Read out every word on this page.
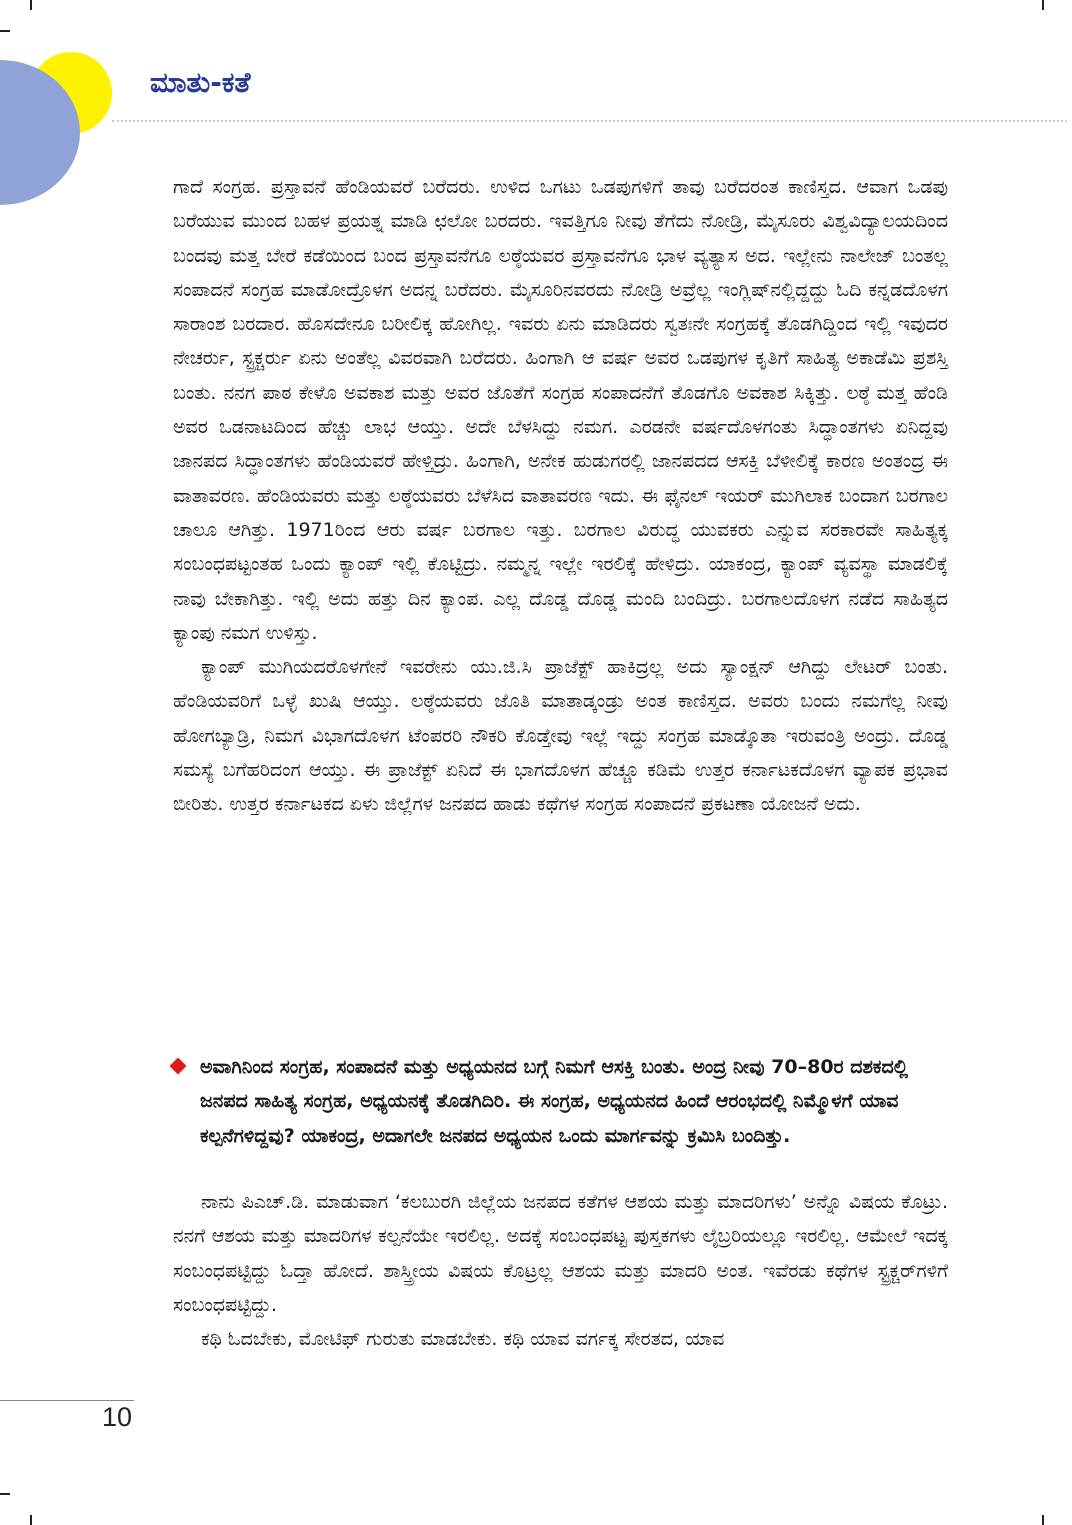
ಮಾತು-ಕತೆ

ಗಾದೆ ಸಂಗ್ರಹ. ಪ್ರಸ್ತಾವನೆ ಹೆಂಡಿಯವರೆ ಬರೆದರು. ಉಳಿದ ಒಗಟು ಒಡಪುಗಳಿಗೆ ತಾವು ಬರೆದರಂತ ಕಾಣಿಸ್ತದ. ಆವಾಗ ಒಡಪು ಬರೆಯುವ ಮುಂದ ಬಹಳ ಪ್ರಯತ್ನ ಮಾಡಿ ಛಲೋ ಬರದರು. ಇವತ್ತಿಗೂ ನೀವು ತೆಗೆದು ನೋಡ್ರಿ, ಮೈಸೂರು ವಿಶ್ವವಿದ್ಯಾಲಯದಿಂದ ಬಂದವು ಮತ್ತ ಬೇರೆ ಕಡೆಯಿಂದ ಬಂದ ಪ್ರಸ್ತಾವನೆಗೂ ಲಠ್ಠೆಯವರ ಪ್ರಸ್ತಾವನೆಗೂ ಭಾಳ ವ್ಯತ್ಯಾಸ ಅದ. ಇಲ್ಲೇನು ನಾಲೇಜ್ ಬಂತಲ್ಲ ಸಂಪಾದನೆ ಸಂಗ್ರಹ ಮಾಡೋದ್ರೊಳಗ ಅದನ್ನ ಬರೆದರು. ಮೈಸೂರಿನವರದು ನೋಡ್ರಿ ಅವ್ರೆಲ್ಲ ಇಂಗ್ಲಿಷ್‌ನಲ್ಲಿದ್ದದ್ದು ಓದಿ ಕನ್ನಡದೊಳಗ ಸಾರಾಂಶ ಬರದಾರ. ಹೊಸದೇನೂ ಬರೀಲಿಕ್ಕ ಹೋಗಿಲ್ಲ. ಇವರು ಏನು ಮಾಡಿದರು ಸ್ವತಃನೇ ಸಂಗ್ರಹಕ್ಕೆ ತೊಡಗಿದ್ದಿಂದ ಇಲ್ಲಿ ಇವುದರ ನೇಚರ್ರು, ಸ್ಟ್ರಕ್ಚರ್ರು ಏನು ಅಂತೆಲ್ಲ ವಿವರವಾಗಿ ಬರೆದರು. ಹಿಂಗಾಗಿ ಆ ವರ್ಷ ಅವರ ಒಡಪುಗಳ ಕೃತಿಗೆ ಸಾಹಿತ್ಯ ಅಕಾಡೆಮಿ ಪ್ರಶಸ್ತಿ ಬಂತು. ನನಗ ಪಾಠ ಕೇಳೊ ಅವಕಾಶ ಮತ್ತು ಅವರ ಜೊತೆಗೆ ಸಂಗ್ರಹ ಸಂಪಾದನೆಗೆ ತೊಡಗೊ ಅವಕಾಶ ಸಿಕ್ಕಿತ್ತು. ಲಠ್ಠೆ ಮತ್ತ ಹೆಂಡಿ ಅವರ ಒಡನಾಟದಿಂದ ಹೆಚ್ಚು ಲಾಭ ಆಯ್ತು. ಅದೇ ಬೆಳಸಿದ್ದು ನಮಗ. ಎರಡನೇ ವರ್ಷದೊಳಗಂತು ಸಿದ್ಧಾಂತಗಳು ಏನಿದ್ದವು ಜಾನಪದ ಸಿದ್ಧಾಂತಗಳು ಹೆಂಡಿಯವರೆ ಹೇಳ್ತಿದ್ರು. ಹಿಂಗಾಗಿ, ಅನೇಕ ಹುಡುಗರಲ್ಲಿ ಜಾನಪದದ ಆಸಕ್ತಿ ಬೆಳೀಲಿಕ್ಕೆ ಕಾರಣ ಅಂತಂದ್ರ ಈ ವಾತಾವರಣ. ಹೆಂಡಿಯವರು ಮತ್ತು ಲಠ್ಠೆಯವರು ಬೆಳೆಸಿದ ವಾತಾವರಣ ಇದು. ಈ ಫೈನಲ್ ಇಯರ್ ಮುಗಿಲಾಕ ಬಂದಾಗ ಬರಗಾಲ ಚಾಲೂ ಆಗಿತ್ತು. 1971ರಿಂದ ಆರು ವರ್ಷ ಬರಗಾಲ ಇತ್ತು. ಬರಗಾಲ ವಿರುದ್ಧ ಯುವಕರು ಎನ್ನುವ ಸರಕಾರವೇ ಸಾಹಿತ್ಯಕ್ಕ ಸಂಬಂಧಪಟ್ಟಂತಹ ಒಂದು ಕ್ಯಾಂಪ್ ಇಲ್ಲಿ ಕೊಟ್ಟಿದ್ರು. ನಮ್ಮನ್ನ ಇಲ್ಲೇ ಇರಲಿಕ್ಕೆ ಹೇಳಿದ್ರು. ಯಾಕಂದ್ರ, ಕ್ಯಾಂಪ್ ವ್ಯವಸ್ಥಾ ಮಾಡಲಿಕ್ಕೆ ನಾವು ಬೇಕಾಗಿತ್ತು. ಇಲ್ಲಿ ಅದು ಹತ್ತು ದಿನ ಕ್ಯಾಂಪ. ಎಲ್ಲ ದೊಡ್ಡ ದೊಡ್ಡ ಮಂದಿ ಬಂದಿದ್ರು. ಬರಗಾಲದೊಳಗ ನಡೆದ ಸಾಹಿತ್ಯದ ಕ್ಯಾಂಪು ನಮಗ ಉಳಿಸ್ತು.

ಕ್ಯಾಂಪ್ ಮುಗಿಯದರೊಳಗೇನೆ ಇವರೇನು ಯು.ಜಿ.ಸಿ ಪ್ರಾಜೆಕ್ಟ್ ಹಾಕಿದ್ರಲ್ಲ ಅದು ಸ್ಯಾಂಕ್ಷನ್ ಆಗಿದ್ದು ಲೇಟರ್ ಬಂತು. ಹೆಂಡಿಯವರಿಗೆ ಒಳ್ಳೆ ಖುಷಿ ಆಯ್ತು. ಲಠ್ಠೆಯವರು ಜೊತಿ ಮಾತಾಡ್ಕಂಡ್ರು ಅಂತ ಕಾಣಿಸ್ತದ. ಅವರು ಬಂದು ನಮಗೆಲ್ಲ ನೀವು ಹೋಗಬ್ಯಾಡ್ರಿ, ನಿಮಗ ವಿಭಾಗದೊಳಗ ಟೆಂಪರರಿ ನೌಕರಿ ಕೊಡ್ತೇವು ಇಲ್ಲೆ ಇದ್ದು ಸಂಗ್ರಹ ಮಾಡ್ಕೊತಾ ಇರುವಂತ್ರಿ ಅಂದ್ರು. ದೊಡ್ಡ ಸಮಸ್ಯೆ ಬಗೆಹರಿದಂಗ ಆಯ್ತು. ಈ ಪ್ರಾಜೆಕ್ಟ್ ಏನಿದೆ ಈ ಭಾಗದೊಳಗ ಹೆಚ್ಚೂ ಕಡಿಮೆ ಉತ್ತರ ಕರ್ನಾಟಕದೊಳಗ ವ್ಯಾಪಕ ಪ್ರಭಾವ ಬೀರಿತು. ಉತ್ತರ ಕರ್ನಾಟಕದ ಏಳು ಜಿಲ್ಲೆಗಳ ಜನಪದ ಹಾಡು ಕಥೆಗಳ ಸಂಗ್ರಹ ಸಂಪಾದನೆ ಪ್ರಕಟಣಾ ಯೋಜನೆ ಅದು.

ಅವಾಗಿನಿಂದ ಸಂಗ್ರಹ, ಸಂಪಾದನೆ ಮತ್ತು ಅಧ್ಯಯನದ ಬಗ್ಗೆ ನಿಮಗೆ ಆಸಕ್ತಿ ಬಂತು. ಅಂದ್ರ ನೀವು 70–80ರ ದಶಕದಲ್ಲಿ ಜನಪದ ಸಾಹಿತ್ಯ ಸಂಗ್ರಹ, ಅಧ್ಯಯನಕ್ಕೆ ತೊಡಗಿದಿರಿ. ಈ ಸಂಗ್ರಹ, ಅಧ್ಯಯನದ ಹಿಂದೆ ಆರಂಭದಲ್ಲಿ ನಿಮ್ಮೊಳಗೆ ಯಾವ ಕಲ್ಪನೆಗಳಿದ್ದವು? ಯಾಕಂದ್ರ, ಅದಾಗಲೇ ಜನಪದ ಅಧ್ಯಯನ ಒಂದು ಮಾರ್ಗವನ್ನು ಕ್ರಮಿಸಿ ಬಂದಿತ್ತು.

ನಾನು ಪಿಎಚ್.ಡಿ. ಮಾಡುವಾಗ ‘ಕಲಬುರಗಿ ಜಿಲ್ಲೆಯ ಜನಪದ ಕತೆಗಳ ಆಶಯ ಮತ್ತು ಮಾದರಿಗಳು’ ಅನ್ನೊ ವಿಷಯ ಕೊಟ್ರು. ನನಗೆ ಆಶಯ ಮತ್ತು ಮಾದರಿಗಳ ಕಲ್ಪನೆಯೇ ಇರಲಿಲ್ಲ. ಅದಕ್ಕೆ ಸಂಬಂಧಪಟ್ಟ ಪುಸ್ತಕಗಳು ಲೈಬ್ರರಿಯಲ್ಲೂ ಇರಲಿಲ್ಲ. ಆಮೇಲೆ ಇದಕ್ಕ ಸಂಬಂಧಪಟ್ಟಿದ್ದು ಓದ್ತಾ ಹೋದೆ. ಶಾಸ್ತ್ರೀಯ ವಿಷಯ ಕೊಟ್ರಲ್ಲ ಆಶಯ ಮತ್ತು ಮಾದರಿ ಅಂತ. ಇವೆರಡು ಕಥೆಗಳ ಸ್ಟ್ರಕ್ಚರ್‌ಗಳಿಗೆ ಸಂಬಂಧಪಟ್ಟಿದ್ದು.

ಕಥಿ ಓದಬೇಕು, ಮೋಟಿಫ್ ಗುರುತು ಮಾಡಬೇಕು. ಕಥಿ ಯಾವ ವರ್ಗಕ್ಕ ಸೇರತದ, ಯಾವ

10
